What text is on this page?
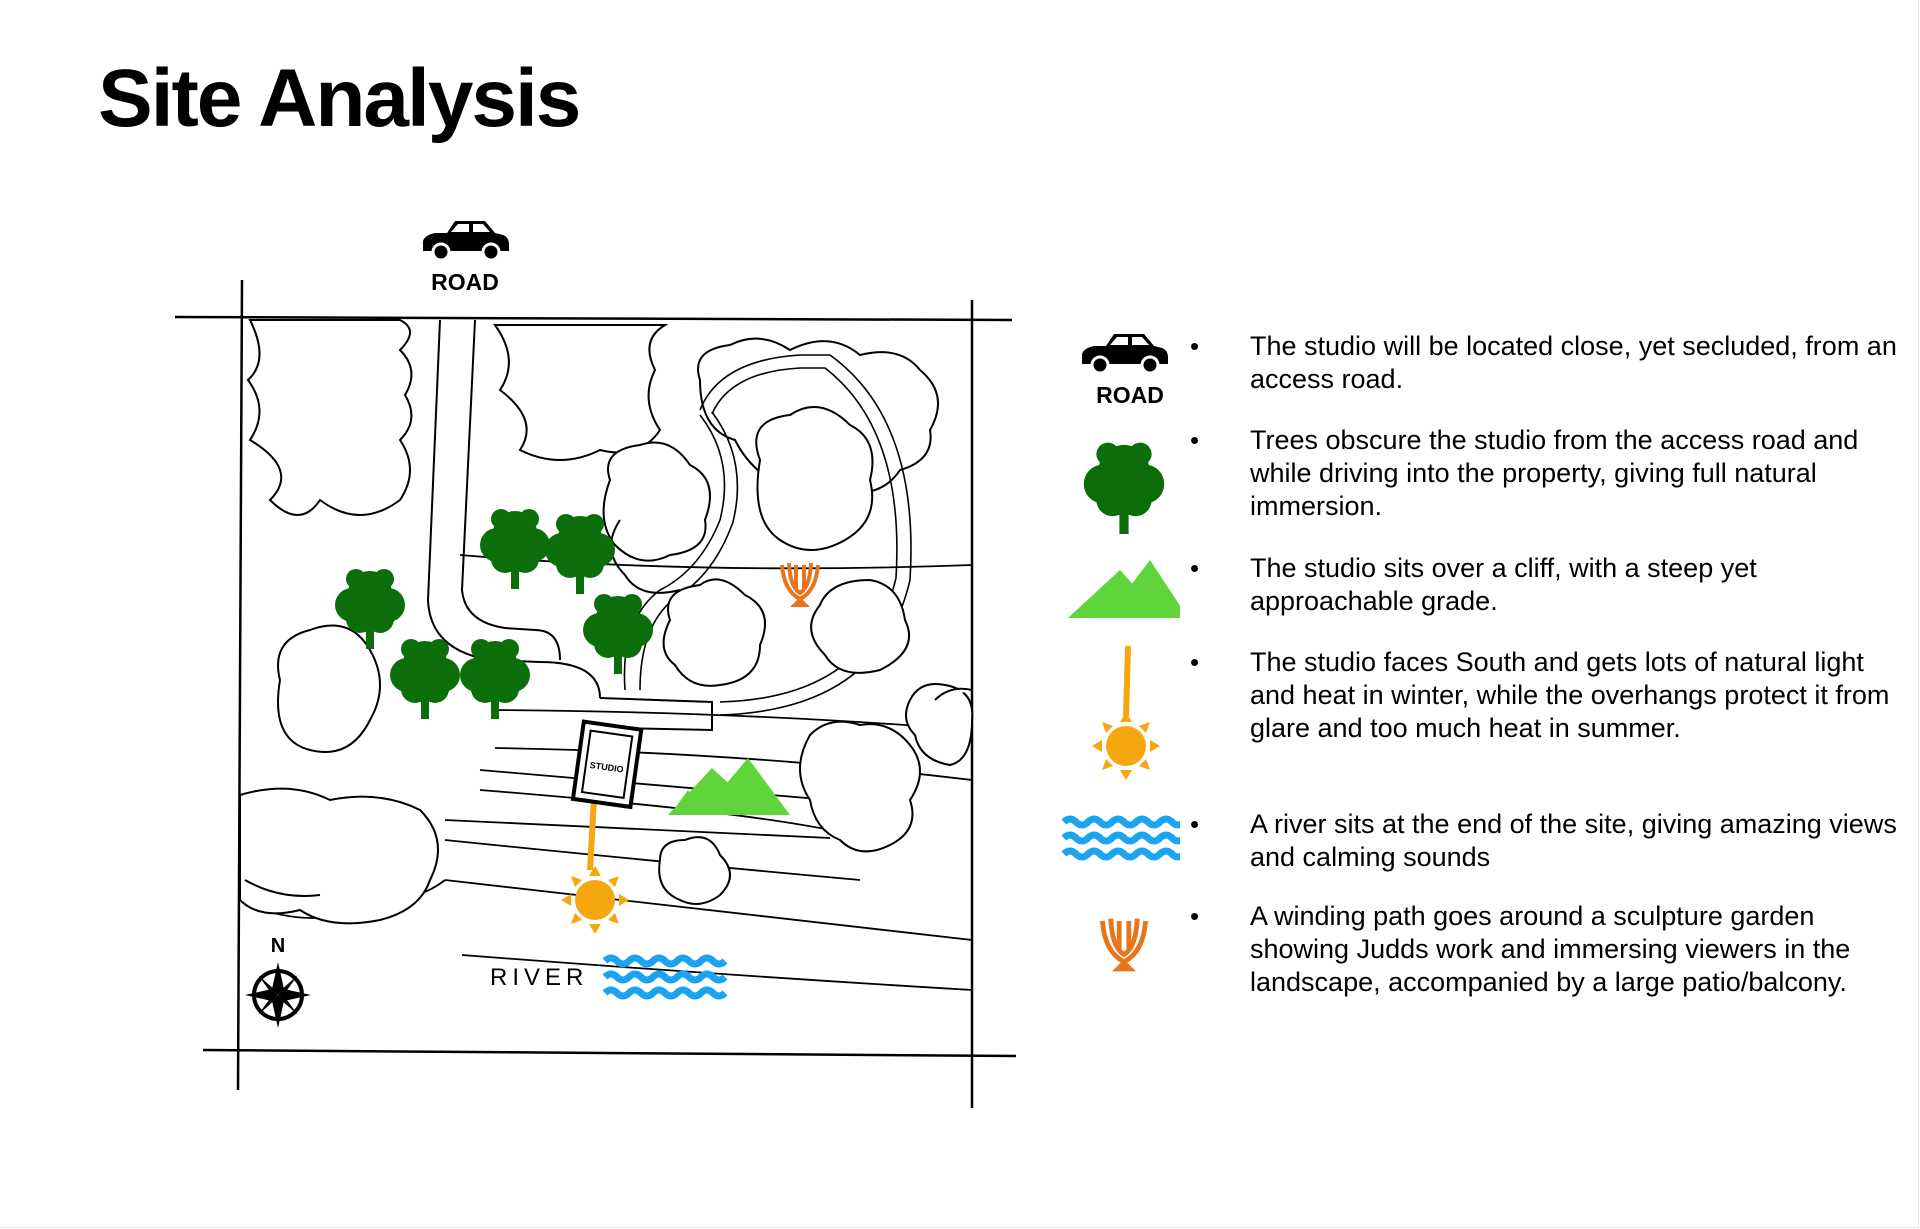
Site Analysis
STUDIO
ROAD
RIVER
N
ROAD
• The studio will be located close, yet secluded, from an access road.
• Trees obscure the studio from the access road and while driving into the property, giving full natural immersion.
• The studio sits over a cliff, with a steep yet approachable grade.
• The studio faces South and gets lots of natural light and heat in winter, while the overhangs protect it from glare and too much heat in summer.
• A river sits at the end of the site, giving amazing views and calming sounds
• A winding path goes around a sculpture garden showing Judds work and immersing viewers in the landscape, accompanied by a large patio/balcony.
